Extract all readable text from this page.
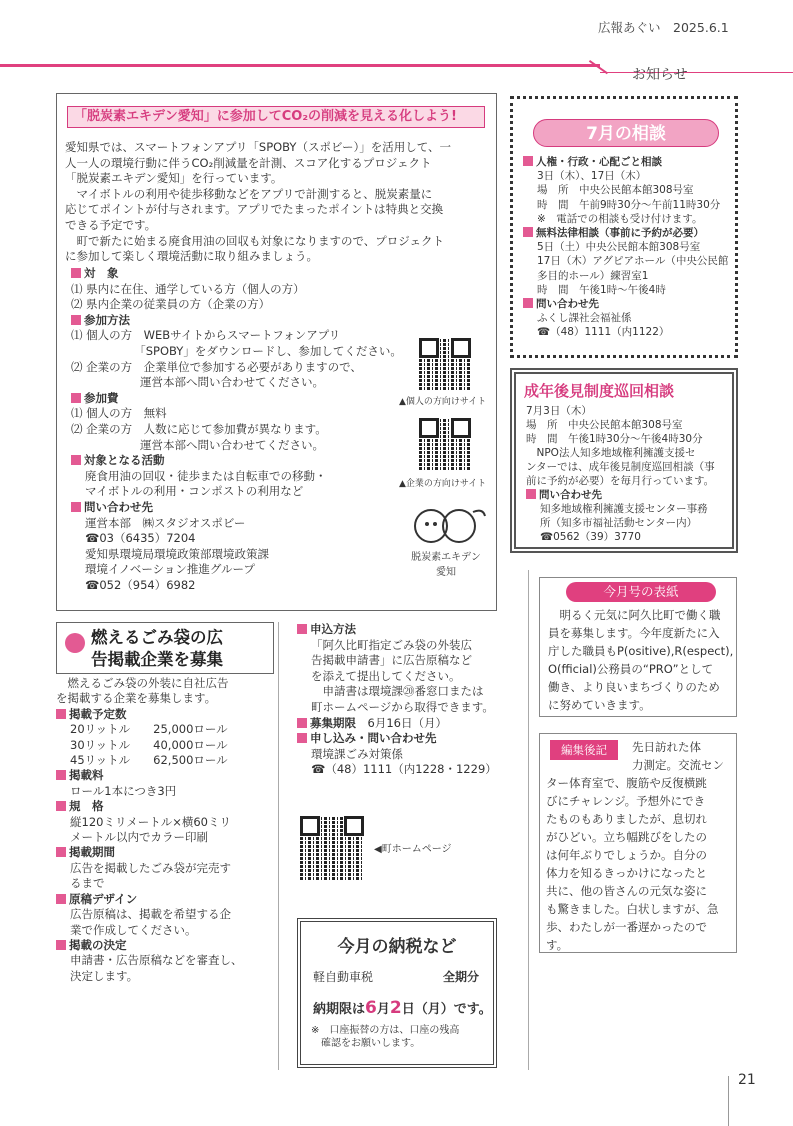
広報あぐい　 2025.6.1
お知らせ
「脱炭素エキデン愛知」に参加してCO₂の削減を見える化しよう!
愛知県では、スマートフォンアプリ「SPOBY（スポビー）」を活用して、一
人一人の環境行動に伴うCO₂削減量を計測、スコア化するプロジェクト
「脱炭素エキデン愛知」を行っています。
　マイボトルの利用や徒歩移動などをアプリで計測すると、脱炭素量に
応じてポイントが付与されます。アプリでたまったポイントは特典と交換
できる予定です。
　町で新たに始まる廃食用油の回収も対象になりますので、プロジェクト
に参加して楽しく環境活動に取り組みましょう。
対　象
⑴ 県内に在住、通学している方（個人の方）
⑵ 県内企業の従業員の方（企業の方）
参加方法
⑴ 個人の方　WEBサイトからスマートフォンアプリ
　　　　　　「SPOBY」をダウンロードし、参加してください。
⑵ 企業の方　企業単位で参加する必要がありますので、
　　　　　　運営本部へ問い合わせてください。
参加費
⑴ 個人の方　無料
⑵ 企業の方　人数に応じて参加費が異なります。
　　　　　　運営本部へ問い合わせてください。
対象となる活動
廃食用油の回収・徒歩または自転車での移動・
マイボトルの利用・コンポストの利用など
問い合わせ先
運営本部　㈱スタジオスポビー
☎03（6435）7204
愛知県環境局環境政策部環境政策課
環境イノベーション推進グループ
☎052（954）6982
▲個人の方向けサイト
▲企業の方向けサイト
脱炭素エキデン
愛知
7月の相談
人権・行政・心配ごと相談
3日（木）、17日（木）
場　所　中央公民館本館308号室
時　間　午前9時30分～午前11時30分
※　電話での相談も受け付けます。
無料法律相談（事前に予約が必要）
5日（土）中央公民館本館308号室
17日（木）アグピアホール（中央公民館
多目的ホール）練習室1
時　間　午後1時～午後4時
問い合わせ先
ふくし課社会福祉係
☎（48）1111（内1122）
成年後見制度巡回相談
7月3日（木）
場　所　中央公民館本館308号室
時　間　午後1時30分～午後4時30分
　NPO法人知多地域権利擁護支援セ
ンターでは、成年後見制度巡回相談（事
前に予約が必要）を毎月行っています。
問い合わせ先
知多地域権利擁護支援センター事務
所（知多市福祉活動センター内）
☎0562（39）3770
今月号の表紙
　明るく元気に阿久比町で働く職
員を募集します。今年度新たに入
庁した職員もP(ositive),R(espect),
O(fficial)公務員の“PRO”として
働き、より良いまちづくりのため
に努めていきます。
編集後記	先日訪れた体
力測定。交流セン
ター体育室で、腹筋や反復横跳
びにチャレンジ。予想外にでき
たものもありましたが、息切れ
がひどい。立ち幅跳びをしたの
は何年ぶりでしょうか。自分の
体力を知るきっかけになったと
共に、他の皆さんの元気な姿に
も驚きました。白状しますが、急
歩、わたしが一番遅かったので
す。
燃えるごみ袋の広
告掲載企業を募集
　燃えるごみ袋の外装に自社広告
を掲載する企業を募集します。
掲載予定数
20リットル　　25,000ロール
30リットル　　40,000ロール
45リットル　　62,500ロール
掲載料
ロール1本につき3円
規　格
縦120ミリメートル×横60ミリ
メートル以内でカラー印刷
掲載期間
広告を掲載したごみ袋が完売す
るまで
原稿デザイン
広告原稿は、掲載を希望する企
業で作成してください。
掲載の決定
申請書・広告原稿などを審査し、
決定します。
申込方法
「阿久比町指定ごみ袋の外装広
告掲載申請書」に広告原稿など
を添えて提出してください。
　申請書は環境課⑳番窓口または
町ホームページから取得できます。
募集期限　 6月16日（月）
申し込み・問い合わせ先
環境課ごみ対策係
☎（48）1111（内1228・1229）
◀町ホームページ
今月の納税など
軽自動車税	全期分
納期限は6月2日（月）です。
※　口座振替の方は、口座の残高
　確認をお願いします。
21
